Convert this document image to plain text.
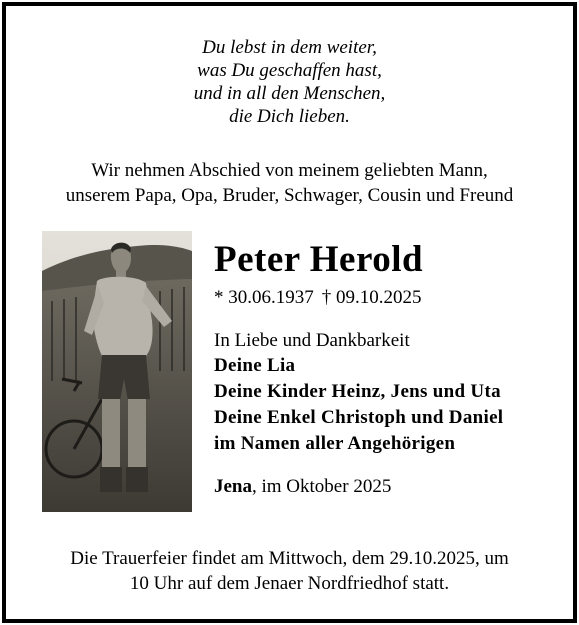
Du lebst in dem weiter,
was Du geschaffen hast,
und in all den Menschen,
die Dich lieben.
Wir nehmen Abschied von meinem geliebten Mann,
unserem Papa, Opa, Bruder, Schwager, Cousin und Freund
Peter Herold
* 30.06.1937 † 09.10.2025
In Liebe und Dankbarkeit
Deine Lia
Deine Kinder Heinz, Jens und Uta
Deine Enkel Christoph und Daniel
im Namen aller Angehörigen
Jena, im Oktober 2025
Die Trauerfeier findet am Mittwoch, dem 29.10.2025, um
10 Uhr auf dem Jenaer Nordfriedhof statt.
